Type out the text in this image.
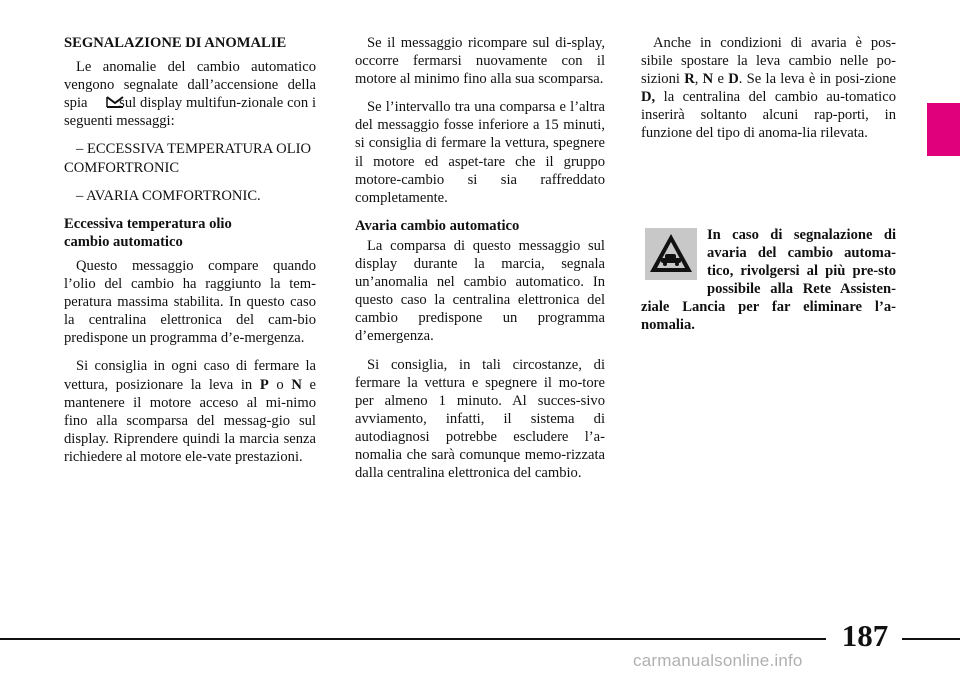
SEGNALAZIONE DI ANOMALIE

Le anomalie del cambio automatico vengono segnalate dall’accensione della spia sul display multifun-zionale con i seguenti messaggi:

– ECCESSIVA TEMPERATURA OLIO COMFORTRONIC

– AVARIA COMFORTRONIC.

Eccessiva temperatura olio cambio automatico

Questo messaggio compare quando l’olio del cambio ha raggiunto la tem-peratura massima stabilita. In questo caso la centralina elettronica del cam-bio predispone un programma d’e-mergenza.

Si consiglia in ogni caso di fermare la vettura, posizionare la leva in P o N e mantenere il motore acceso al mi-nimo fino alla scomparsa del messag-gio sul display. Riprendere quindi la marcia senza richiedere al motore ele-vate prestazioni.

Se il messaggio ricompare sul di-splay, occorre fermarsi nuovamente con il motore al minimo fino alla sua scomparsa.

Se l’intervallo tra una comparsa e l’altra del messaggio fosse inferiore a 15 minuti, si consiglia di fermare la vettura, spegnere il motore ed aspet-tare che il gruppo motore-cambio si sia raffreddato completamente.

Avaria cambio automatico

La comparsa di questo messaggio sul display durante la marcia, segnala un’anomalia nel cambio automatico. In questo caso la centralina elettronica del cambio predispone un programma d’emergenza.

Si consiglia, in tali circostanze, di fermare la vettura e spegnere il mo-tore per almeno 1 minuto. Al succes-sivo avviamento, infatti, il sistema di autodiagnosi potrebbe escludere l’a-nomalia che sarà comunque memo-rizzata dalla centralina elettronica del cambio.

Anche in condizioni di avaria è pos-sibile spostare la leva cambio nelle po-sizioni R, N e D. Se la leva è in posi-zione D, la centralina del cambio au-tomatico inserirà soltanto alcuni rap-porti, in funzione del tipo di anoma-lia rilevata.

In caso di segnalazione di avaria del cambio automa-tico, rivolgersi al più pre-sto possibile alla Rete Assisten-ziale Lancia per far eliminare l’a-nomalia.
187
carmanualsonline.info
